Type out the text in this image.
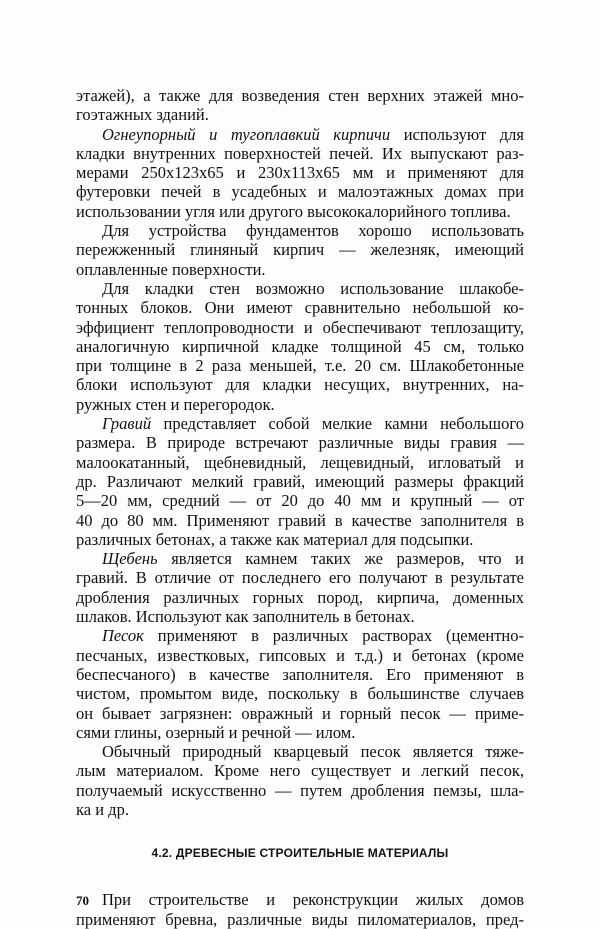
этажей), а также для возведения стен верхних этажей мно-
гоэтажных зданий.
Огнеупорный и тугоплавкий кирпичи используют для
кладки внутренних поверхностей печей. Их выпускают раз-
мерами 250x123x65 и 230x113x65 мм и применяют для
футеровки печей в усадебных и малоэтажных домах при
использовании угля или другого высококалорийного топлива.
Для устройства фундаментов хорошо использовать
пережженный глиняный кирпич — железняк, имеющий
оплавленные поверхности.
Для кладки стен возможно использование шлакобе-
тонных блоков. Они имеют сравнительно небольшой ко-
эффициент теплопроводности и обеспечивают теплозащиту,
аналогичную кирпичной кладке толщиной 45 см, только
при толщине в 2 раза меньшей, т.е. 20 см. Шлакобетонные
блоки используют для кладки несущих, внутренних, на-
ружных стен и перегородок.
Гравий представляет собой мелкие камни небольшого
размера. В природе встречают различные виды гравия —
малоокатанный, щебневидный, лещевидный, игловатый и
др. Различают мелкий гравий, имеющий размеры фракций
5—20 мм, средний — от 20 до 40 мм и крупный — от
40 до 80 мм. Применяют гравий в качестве заполнителя в
различных бетонах, а также как материал для подсыпки.
Щебень является камнем таких же размеров, что и
гравий. В отличие от последнего его получают в результате
дробления различных горных пород, кирпича, доменных
шлаков. Используют как заполнитель в бетонах.
Песок применяют в различных растворах (цементно-
песчаных, известковых, гипсовых и т.д.) и бетонах (кроме
беспесчаного) в качестве заполнителя. Его применяют в
чистом, промытом виде, поскольку в большинстве случаев
он бывает загрязнен: овражный и горный песок — приме-
сями глины, озерный и речной — илом.
Обычный природный кварцевый песок является тяже-
лым материалом. Кроме него существует и легкий песок,
получаемый искусственно — путем дробления пемзы, шла-
ка и др.
4.2. ДРЕВЕСНЫЕ СТРОИТЕЛЬНЫЕ МАТЕРИАЛЫ
При строительстве и реконструкции жилых домов
применяют бревна, различные виды пиломатериалов, пред-
70
